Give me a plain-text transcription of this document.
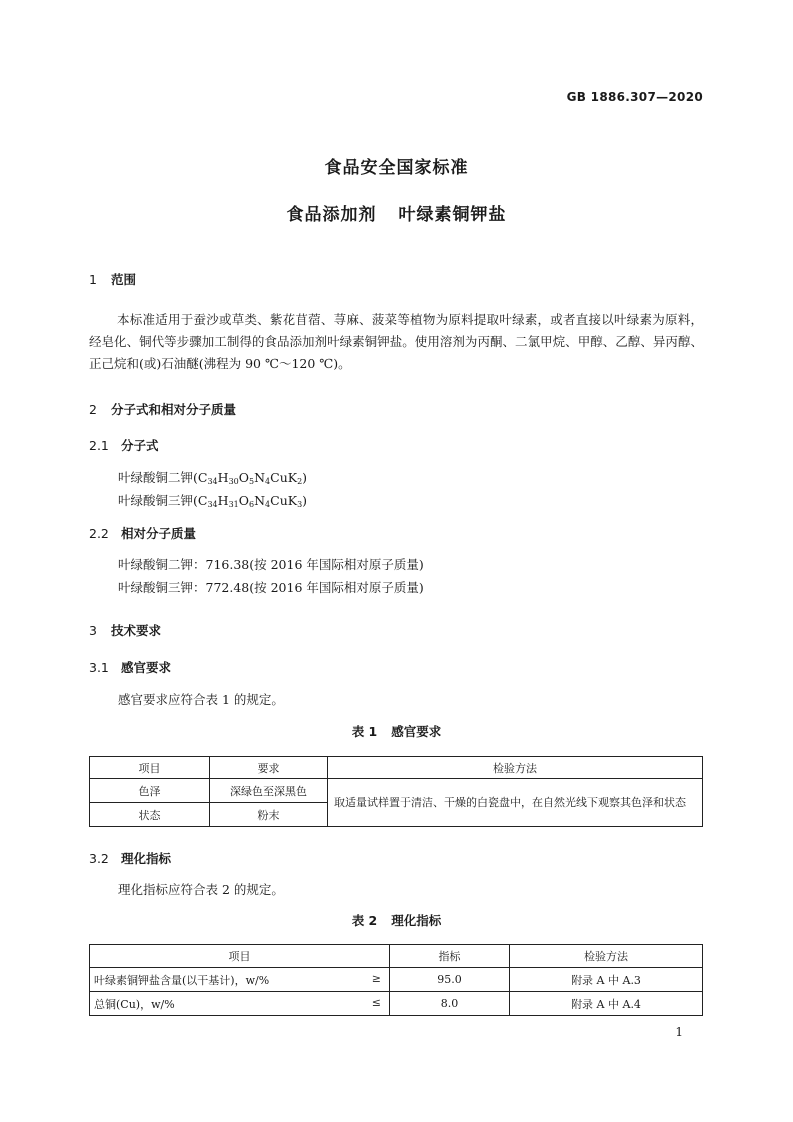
GB 1886.307—2020
食品安全国家标准
食品添加剂 叶绿素铜钾盐
1 范围
本标准适用于蚕沙或草类、紫花苜蓿、荨麻、菠菜等植物为原料提取叶绿素，或者直接以叶绿素为原料，经皂化、铜代等步骤加工制得的食品添加剂叶绿素铜钾盐。使用溶剂为丙酮、二氯甲烷、甲醇、乙醇、异丙醇、正己烷和(或)石油醚(沸程为 90 ℃～120 ℃)。
2 分子式和相对分子质量
2.1 分子式
叶绿酸铜二钾$(C_{34}H_{30}O_5N_4CuK_2)$
叶绿酸铜三钾$(C_{34}H_{31}O_6N_4CuK_3)$
2.2 相对分子质量
叶绿酸铜二钾：716.38(按 2016 年国际相对原子质量)
叶绿酸铜三钾：772.48(按 2016 年国际相对原子质量)
3 技术要求
3.1 感官要求
感官要求应符合表 1 的规定。
表 1 感官要求
项目	要求	检验方法
色泽	深绿色至深黑色	取适量试样置于清洁、干燥的白瓷盘中，在自然光线下观察其色泽和状态
状态	粉末	
3.2 理化指标
理化指标应符合表 2 的规定。
表 2 理化指标
项目	指标	检验方法
叶绿素铜钾盐含量(以干基计)，w/% ≥	95.0	附录 A 中 A.3
总铜(Cu)，w/% ≤	8.0	附录 A 中 A.4
1
